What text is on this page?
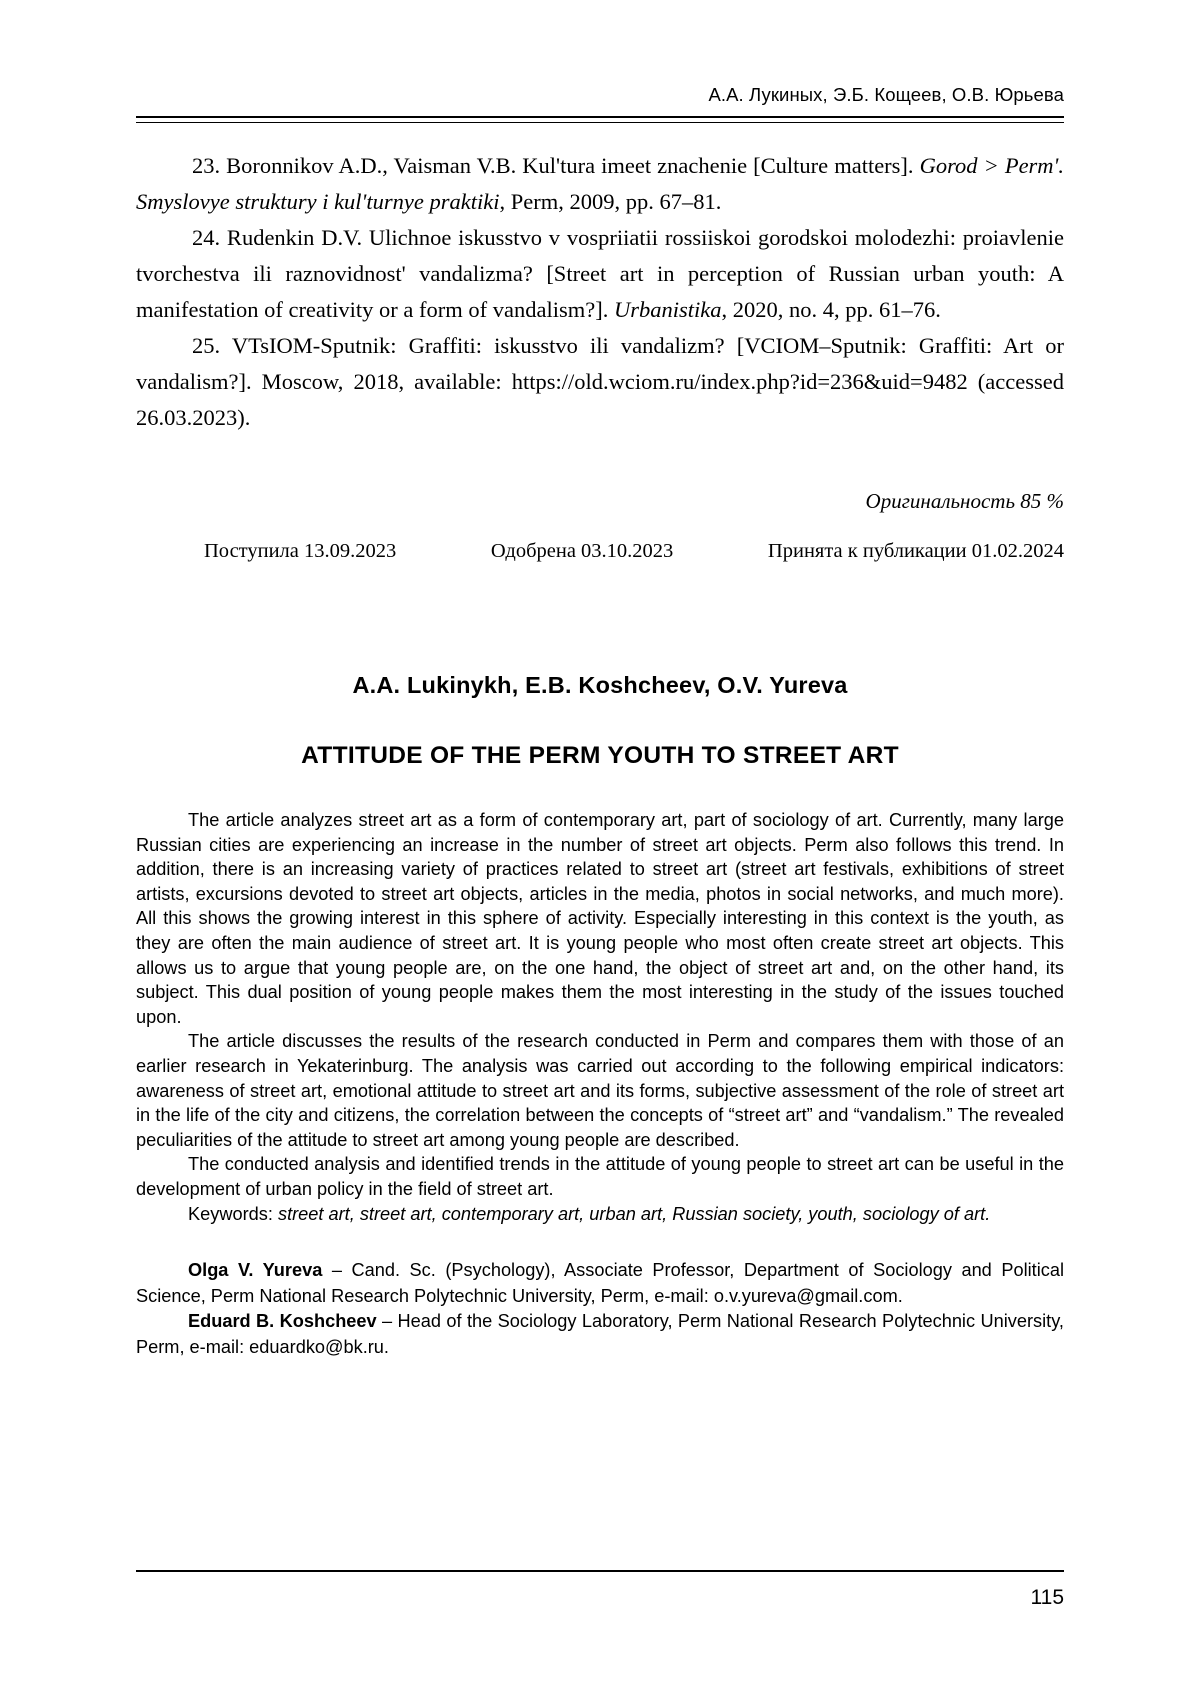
А.А. Лукиных, Э.Б. Кощеев, О.В. Юрьева

23. Boronnikov A.D., Vaisman V.B. Kul'tura imeet znachenie [Culture matters]. Gorod > Perm'. Smyslovye struktury i kul'turnye praktiki, Perm, 2009, pp. 67–81.

24. Rudenkin D.V. Ulichnoe iskusstvo v vospriiatii rossiiskoi gorodskoi molodezhi: proiavlenie tvorchestva ili raznovidnost' vandalizma? [Street art in perception of Russian urban youth: A manifestation of creativity or a form of vandalism?]. Urbanistika, 2020, no. 4, pp. 61–76.

25. VTsIOM-Sputnik: Graffiti: iskusstvo ili vandalizm? [VCIOM–Sputnik: Graffiti: Art or vandalism?]. Moscow, 2018, available: https://old.wciom.ru/index.php?id=236&uid=9482 (accessed 26.03.2023).

Оригинальность 85 %
Поступила 13.09.2023	Одобрена 03.10.2023	Принята к публикации 01.02.2024
A.A. Lukinykh, E.B. Koshcheev, O.V. Yureva
ATTITUDE OF THE PERM YOUTH TO STREET ART

The article analyzes street art as a form of contemporary art, part of sociology of art. Currently, many large Russian cities are experiencing an increase in the number of street art objects. Perm also follows this trend. In addition, there is an increasing variety of practices related to street art (street art festivals, exhibitions of street artists, excursions devoted to street art objects, articles in the media, photos in social networks, and much more). All this shows the growing interest in this sphere of activity. Especially interesting in this context is the youth, as they are often the main audience of street art. It is young people who most often create street art objects. This allows us to argue that young people are, on the one hand, the object of street art and, on the other hand, its subject. This dual position of young people makes them the most interesting in the study of the issues touched upon.

The article discusses the results of the research conducted in Perm and compares them with those of an earlier research in Yekaterinburg. The analysis was carried out according to the following empirical indicators: awareness of street art, emotional attitude to street art and its forms, subjective assessment of the role of street art in the life of the city and citizens, the correlation between the concepts of “street art” and “vandalism.” The revealed peculiarities of the attitude to street art among young people are described.

The conducted analysis and identified trends in the attitude of young people to street art can be useful in the development of urban policy in the field of street art.

Keywords: street art, street art, contemporary art, urban art, Russian society, youth, sociology of art.

Olga V. Yureva – Cand. Sc. (Psychology), Associate Professor, Department of Sociology and Political Science, Perm National Research Polytechnic University, Perm, e-mail: o.v.yureva@gmail.com.

Eduard B. Koshcheev – Head of the Sociology Laboratory, Perm National Research Polytechnic University, Perm, e-mail: eduardko@bk.ru.

115
